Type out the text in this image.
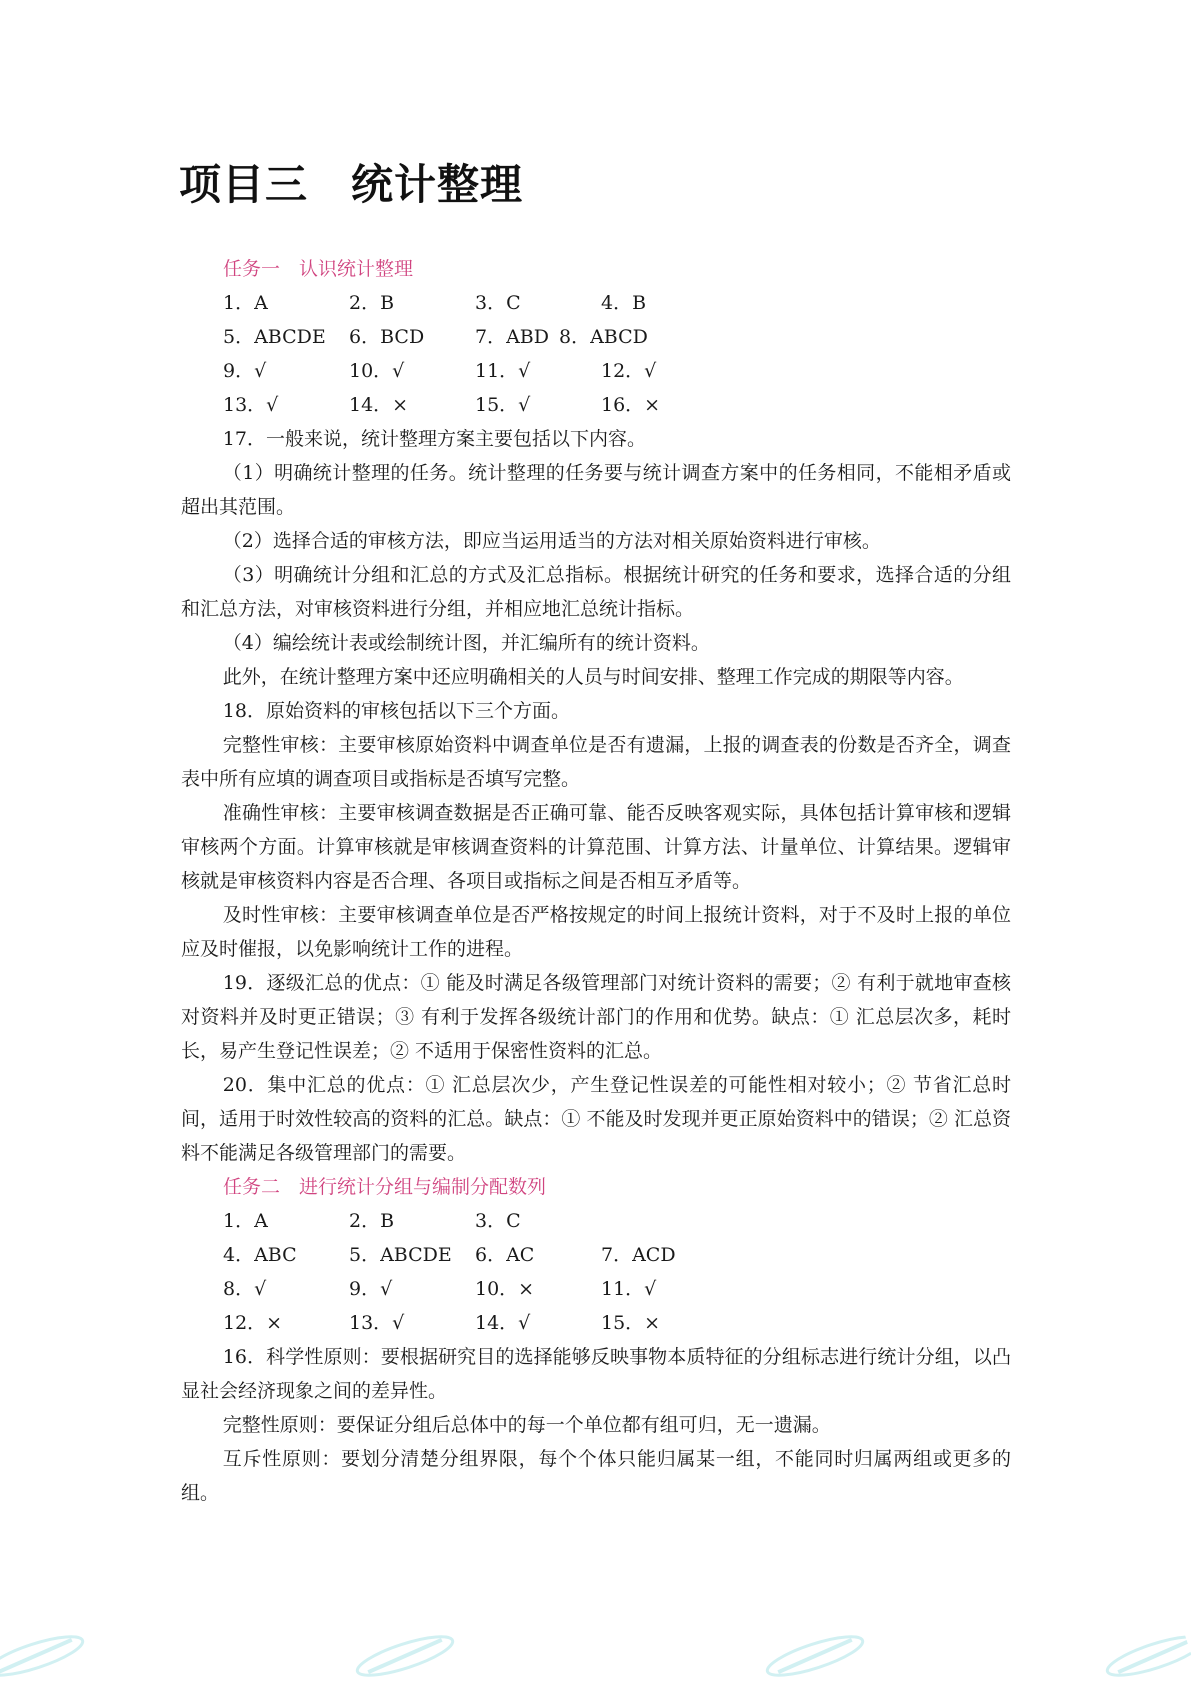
项目三　统计整理
任务一　认识统计整理
1．A	2．B	3．C	4．B
5．ABCDE	6．BCD	7．ABD 8．ABCD
9．√	10．√	11．√	12．√
13．√	14．×	15．√	16．×

17．一般来说，统计整理方案主要包括以下内容。

（1）明确统计整理的任务。统计整理的任务要与统计调查方案中的任务相同，不能相矛盾或超出其范围。

（2）选择合适的审核方法，即应当运用适当的方法对相关原始资料进行审核。

（3）明确统计分组和汇总的方式及汇总指标。根据统计研究的任务和要求，选择合适的分组和汇总方法，对审核资料进行分组，并相应地汇总统计指标。

（4）编绘统计表或绘制统计图，并汇编所有的统计资料。

此外，在统计整理方案中还应明确相关的人员与时间安排、整理工作完成的期限等内容。

18．原始资料的审核包括以下三个方面。

完整性审核：主要审核原始资料中调查单位是否有遗漏，上报的调查表的份数是否齐全，调查表中所有应填的调查项目或指标是否填写完整。

准确性审核：主要审核调查数据是否正确可靠、能否反映客观实际，具体包括计算审核和逻辑审核两个方面。计算审核就是审核调查资料的计算范围、计算方法、计量单位、计算结果。逻辑审核就是审核资料内容是否合理、各项目或指标之间是否相互矛盾等。

及时性审核：主要审核调查单位是否严格按规定的时间上报统计资料，对于不及时上报的单位应及时催报，以免影响统计工作的进程。

19．逐级汇总的优点：① 能及时满足各级管理部门对统计资料的需要；② 有利于就地审查核对资料并及时更正错误；③ 有利于发挥各级统计部门的作用和优势。缺点：① 汇总层次多，耗时长，易产生登记性误差；② 不适用于保密性资料的汇总。

20．集中汇总的优点：① 汇总层次少，产生登记性误差的可能性相对较小；② 节省汇总时间，适用于时效性较高的资料的汇总。缺点：① 不能及时发现并更正原始资料中的错误；② 汇总资料不能满足各级管理部门的需要。

任务二　进行统计分组与编制分配数列
1．A	2．B	3．C
4．ABC	5．ABCDE	6．AC	7．ACD
8．√	9．√	10．×	11．√
12．×	13．√	14．√	15．×

16．科学性原则：要根据研究目的选择能够反映事物本质特征的分组标志进行统计分组，以凸显社会经济现象之间的差异性。

完整性原则：要保证分组后总体中的每一个单位都有组可归，无一遗漏。

互斥性原则：要划分清楚分组界限，每个个体只能归属某一组，不能同时归属两组或更多的组。
